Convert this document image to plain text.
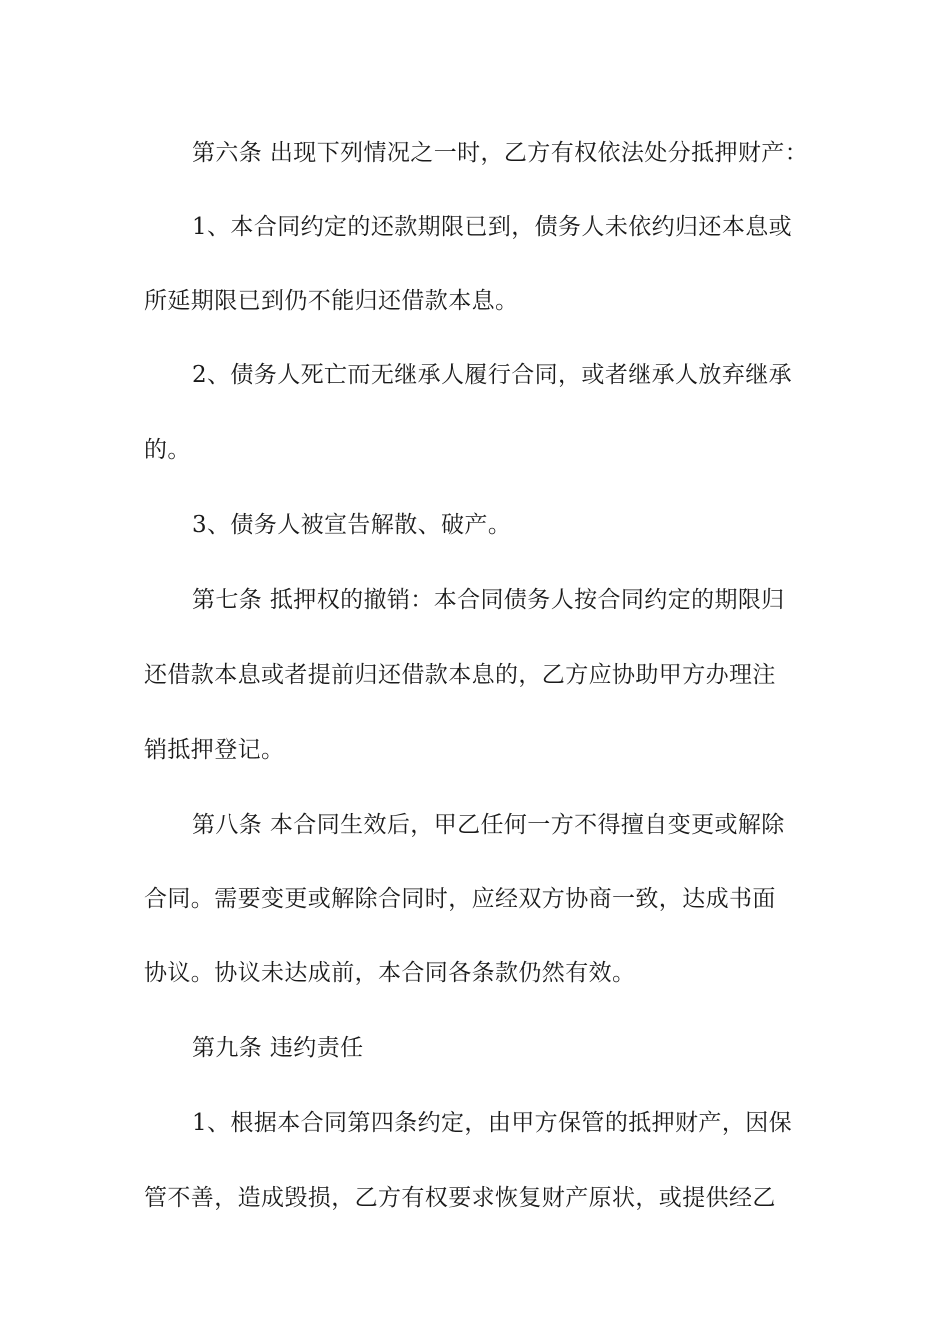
第六条 出现下列情况之一时，乙方有权依法处分抵押财产：
1、本合同约定的还款期限已到，债务人未依约归还本息或
所延期限已到仍不能归还借款本息。
2、债务人死亡而无继承人履行合同，或者继承人放弃继承
的。
3、债务人被宣告解散、破产。
第七条 抵押权的撤销：本合同债务人按合同约定的期限归
还借款本息或者提前归还借款本息的，乙方应协助甲方办理注
销抵押登记。
第八条 本合同生效后，甲乙任何一方不得擅自变更或解除
合同。需要变更或解除合同时，应经双方协商一致，达成书面
协议。协议未达成前，本合同各条款仍然有效。
第九条 违约责任
1、根据本合同第四条约定，由甲方保管的抵押财产，因保
管不善，造成毁损，乙方有权要求恢复财产原状，或提供经乙
